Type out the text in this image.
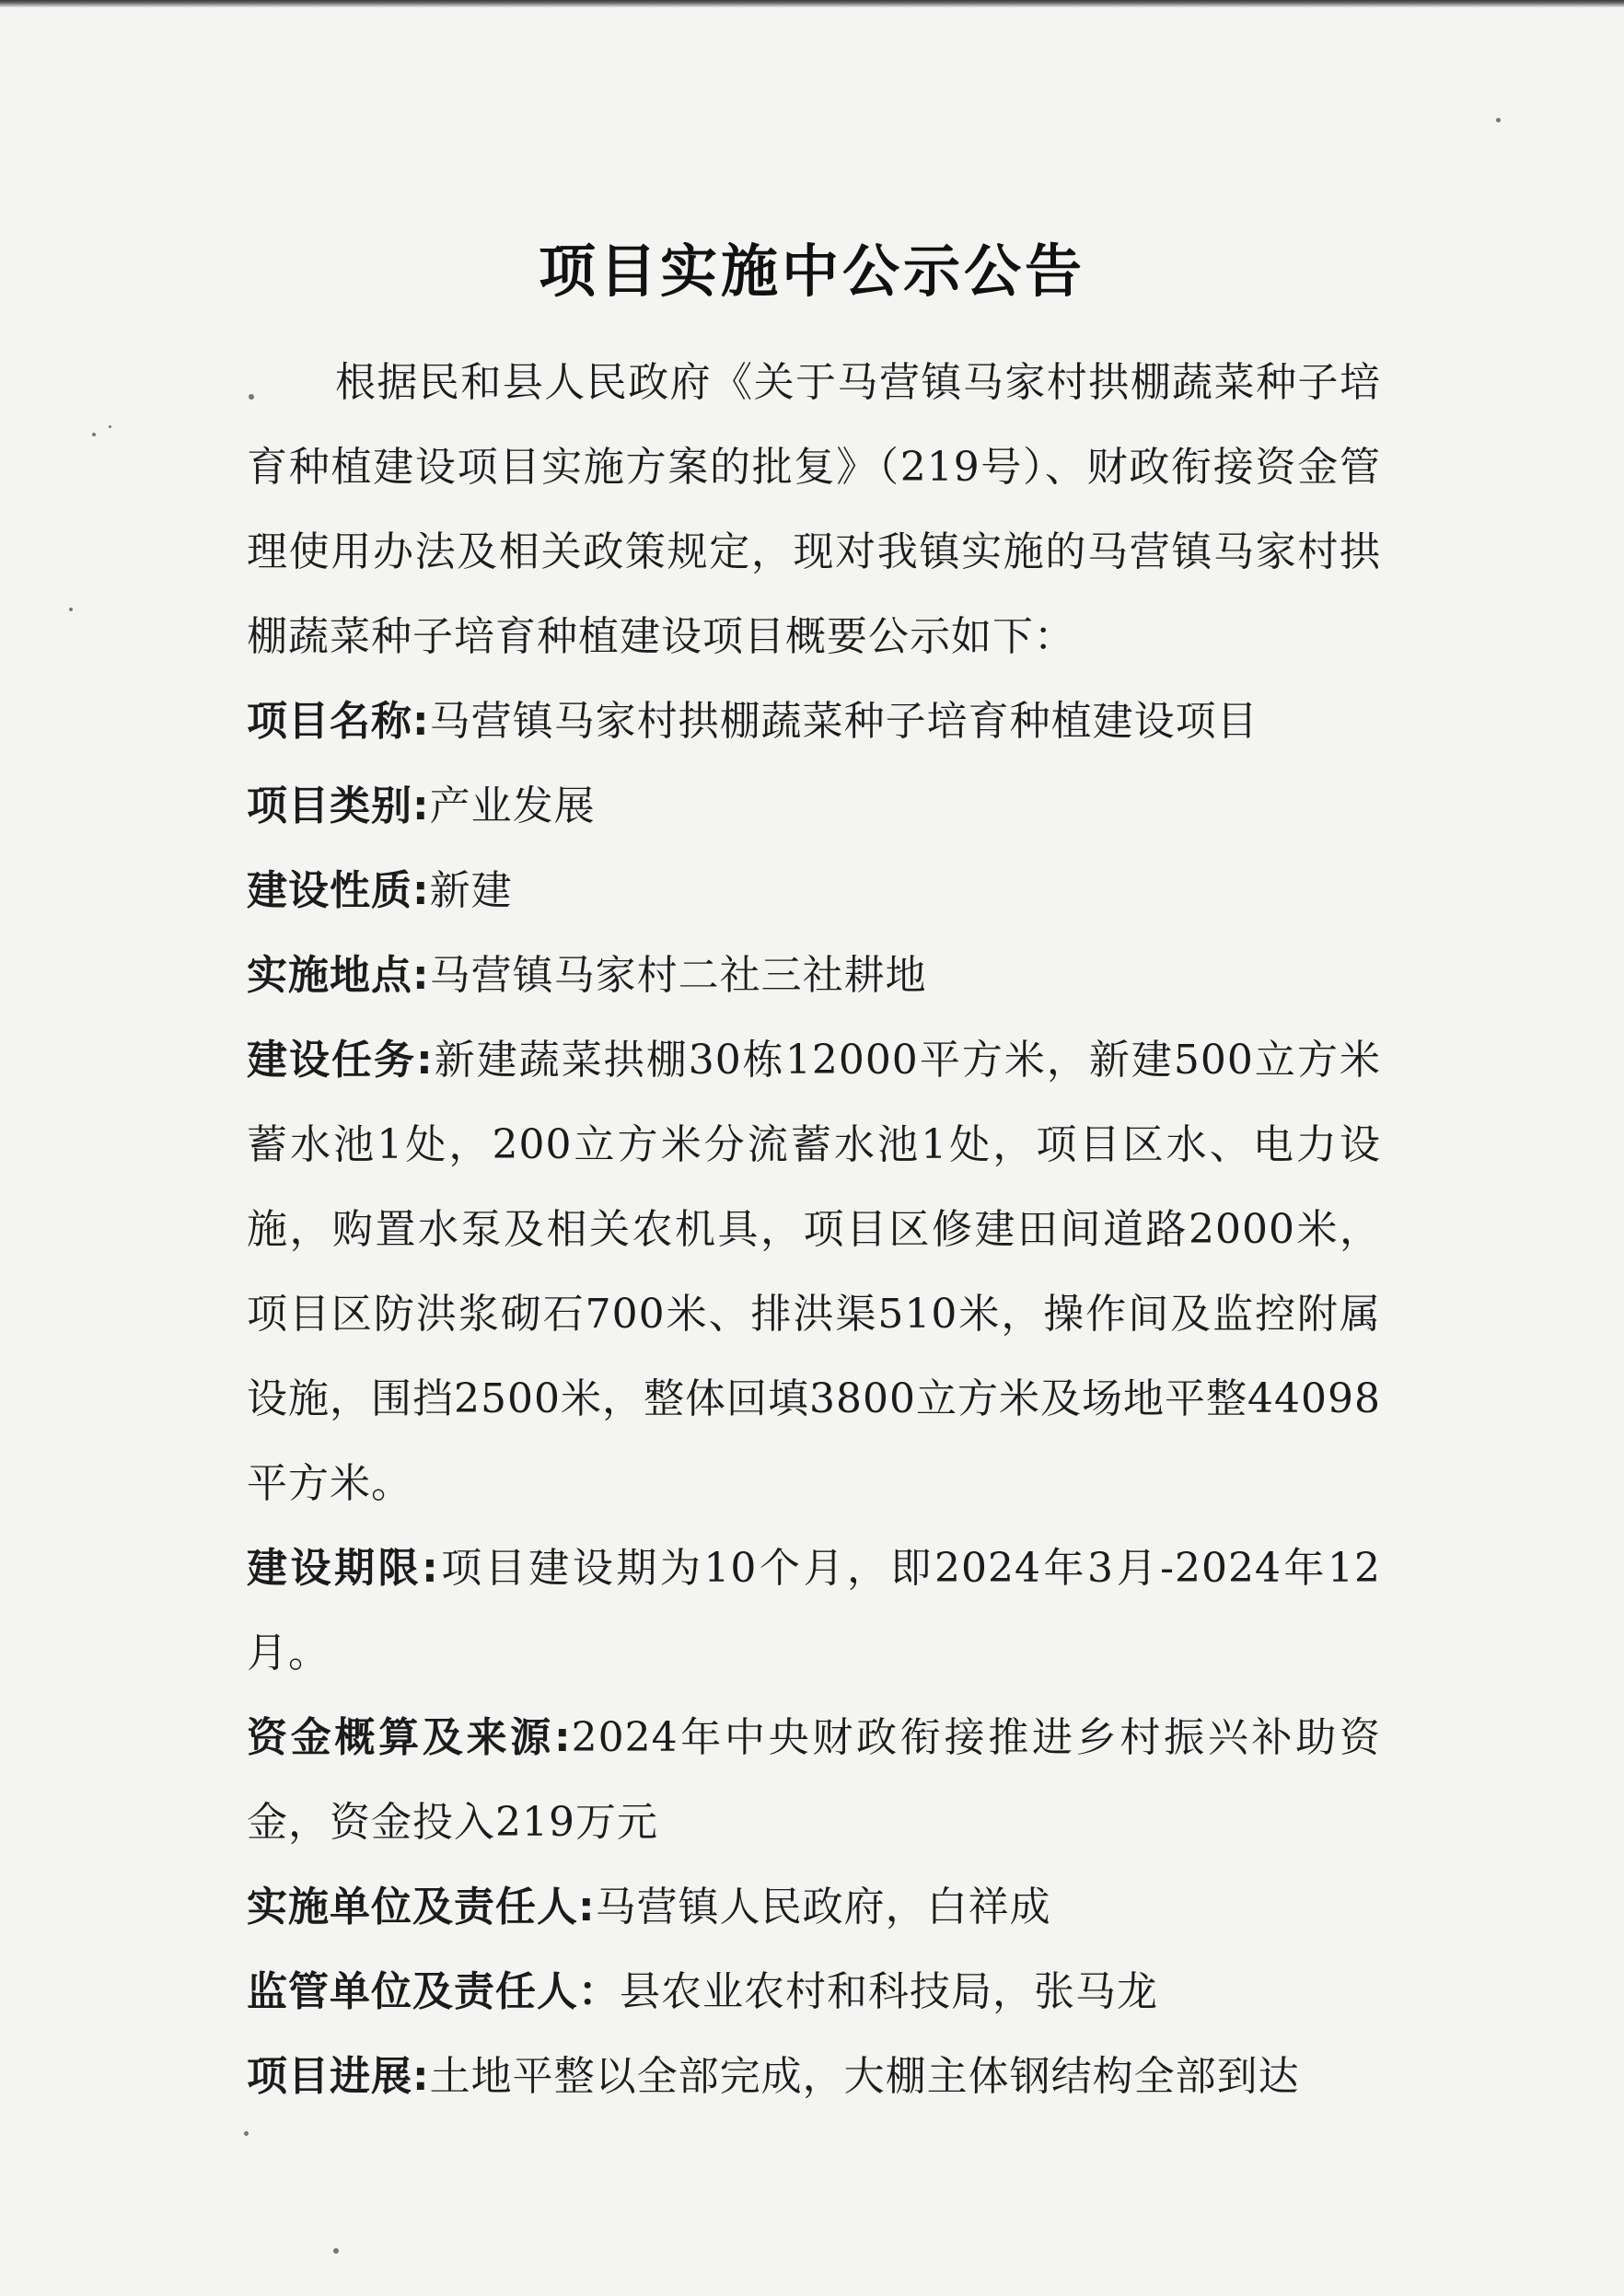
项目实施中公示公告

根据民和县人民政府《关于马营镇马家村拱棚蔬菜种子培育种植建设项目实施方案的批复》（219号）、财政衔接资金管理使用办法及相关政策规定，现对我镇实施的马营镇马家村拱棚蔬菜种子培育种植建设项目概要公示如下：

项目名称:马营镇马家村拱棚蔬菜种子培育种植建设项目

项目类别:产业发展

建设性质:新建

实施地点:马营镇马家村二社三社耕地

建设任务:新建蔬菜拱棚30栋12000平方米，新建500立方米蓄水池1处，200立方米分流蓄水池1处，项目区水、电力设施，购置水泵及相关农机具，项目区修建田间道路2000米，项目区防洪浆砌石700米、排洪渠510米，操作间及监控附属设施，围挡2500米，整体回填3800立方米及场地平整44098平方米。

建设期限:项目建设期为10个月，即2024年3月-2024年12月。

资金概算及来源:2024年中央财政衔接推进乡村振兴补助资金，资金投入219万元

实施单位及责任人:马营镇人民政府，白祥成

监管单位及责任人：县农业农村和科技局，张马龙

项目进展:土地平整以全部完成，大棚主体钢结构全部到达
